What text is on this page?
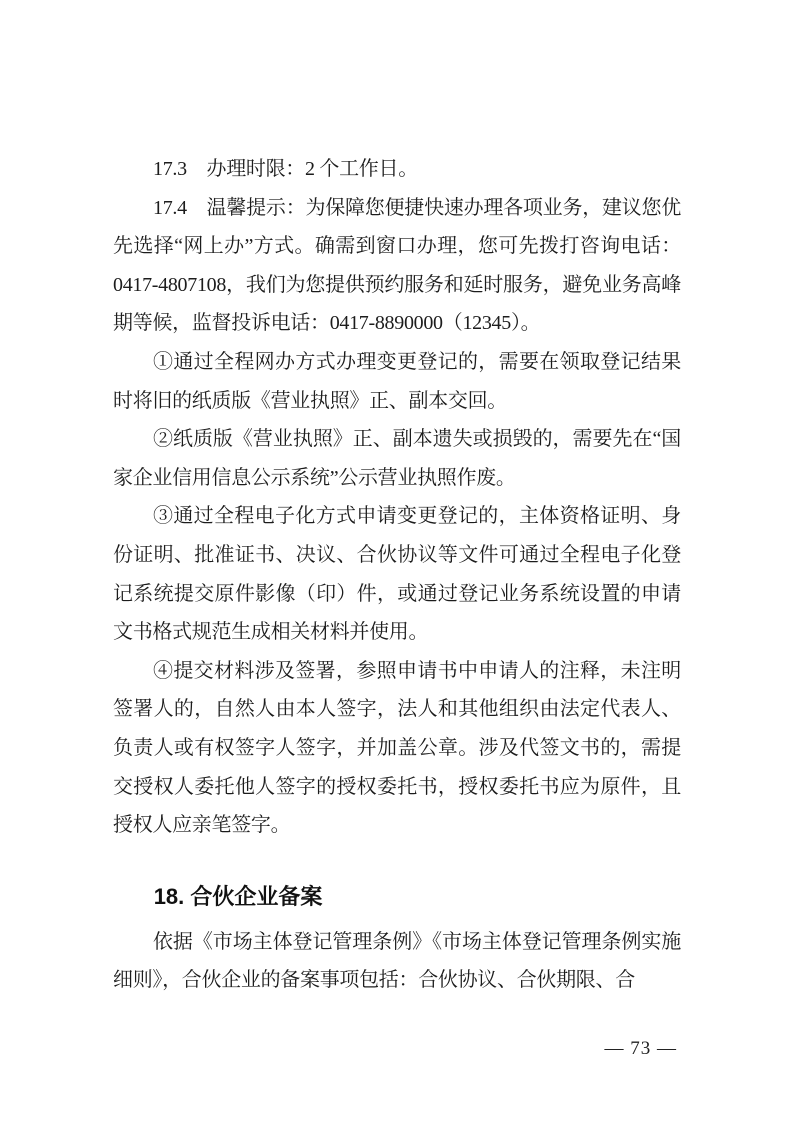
17.3　办理时限：2 个工作日。

17.4　温馨提示：为保障您便捷快速办理各项业务，建议您优先选择“网上办”方式。确需到窗口办理，您可先拨打咨询电话：0417-4807108，我们为您提供预约服务和延时服务，避免业务高峰期等候，监督投诉电话：0417-8890000（12345）。

①通过全程网办方式办理变更登记的，需要在领取登记结果时将旧的纸质版《营业执照》正、副本交回。

②纸质版《营业执照》正、副本遗失或损毁的，需要先在“国家企业信用信息公示系统”公示营业执照作废。

③通过全程电子化方式申请变更登记的，主体资格证明、身份证明、批准证书、决议、合伙协议等文件可通过全程电子化登记系统提交原件影像（印）件，或通过登记业务系统设置的申请文书格式规范生成相关材料并使用。

④提交材料涉及签署，参照申请书中申请人的注释，未注明签署人的，自然人由本人签字，法人和其他组织由法定代表人、负责人或有权签字人签字，并加盖公章。涉及代签文书的，需提交授权人委托他人签字的授权委托书，授权委托书应为原件，且授权人应亲笔签字。

18. 合伙企业备案

依据《市场主体登记管理条例》《市场主体登记管理条例实施细则》，合伙企业的备案事项包括：合伙协议、合伙期限、合

— 73 —
